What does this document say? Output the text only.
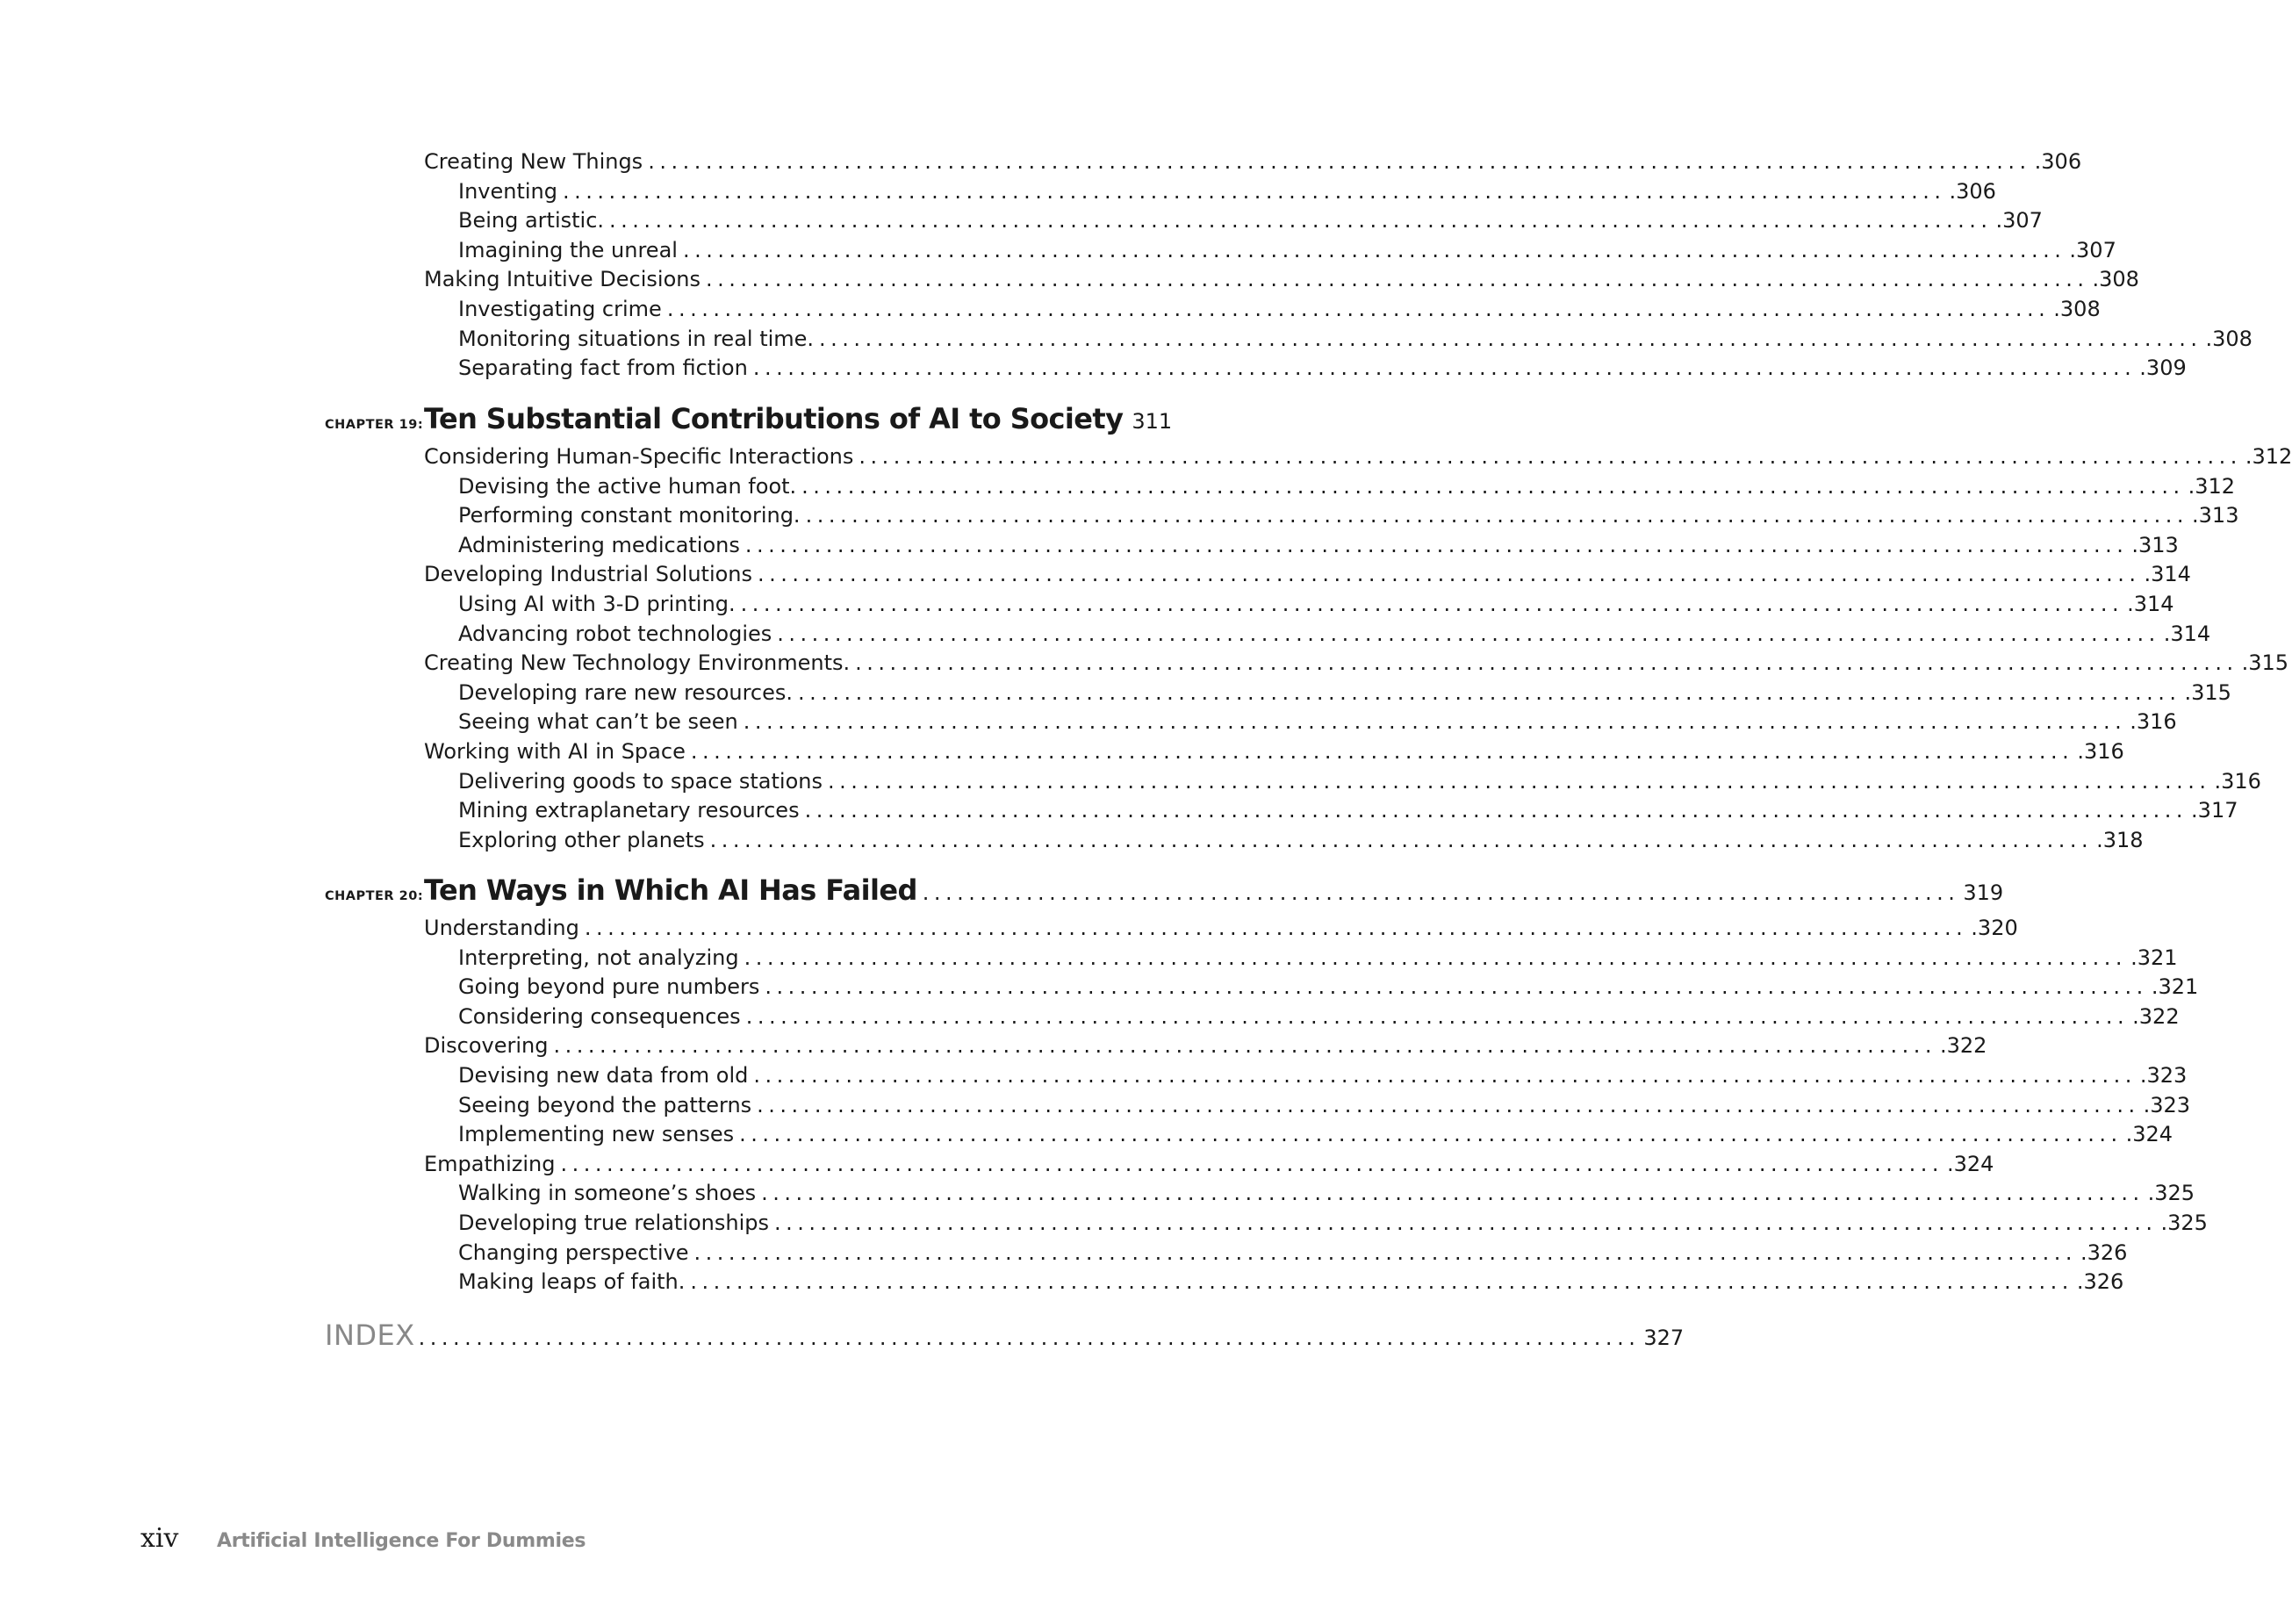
Creating New Things ........................................................................................................................ .306
Inventing ........................................................................................................................ .306
Being artistic. ........................................................................................................................ .307
Imagining the unreal ........................................................................................................................ .307
Making Intuitive Decisions ........................................................................................................................ .308
Investigating crime ........................................................................................................................ .308
Monitoring situations in real time. ........................................................................................................................ .308
Separating fact from fiction ........................................................................................................................ .309
CHAPTER 19: Ten Substantial Contributions of AI to Society 311
Considering Human-Specific Interactions ........................................................................................................................ .312
Devising the active human foot. ........................................................................................................................ .312
Performing constant monitoring. ........................................................................................................................ .313
Administering medications ........................................................................................................................ .313
Developing Industrial Solutions ........................................................................................................................ .314
Using AI with 3-D printing. ........................................................................................................................ .314
Advancing robot technologies ........................................................................................................................ .314
Creating New Technology Environments. ........................................................................................................................ .315
Developing rare new resources. ........................................................................................................................ .315
Seeing what can’t be seen ........................................................................................................................ .316
Working with AI in Space ........................................................................................................................ .316
Delivering goods to space stations ........................................................................................................................ .316
Mining extraplanetary resources ........................................................................................................................ .317
Exploring other planets ........................................................................................................................ .318
CHAPTER 20: Ten Ways in Which AI Has Failed .......................................................................................... 319
Understanding ........................................................................................................................ .320
Interpreting, not analyzing ........................................................................................................................ .321
Going beyond pure numbers ........................................................................................................................ .321
Considering consequences ........................................................................................................................ .322
Discovering ........................................................................................................................ .322
Devising new data from old ........................................................................................................................ .323
Seeing beyond the patterns ........................................................................................................................ .323
Implementing new senses ........................................................................................................................ .324
Empathizing ........................................................................................................................ .324
Walking in someone’s shoes ........................................................................................................................ .325
Developing true relationships ........................................................................................................................ .325
Changing perspective ........................................................................................................................ .326
Making leaps of faith. ........................................................................................................................ .326
INDEX .......................................................................................................... 327
xiv	Artificial Intelligence For Dummies
